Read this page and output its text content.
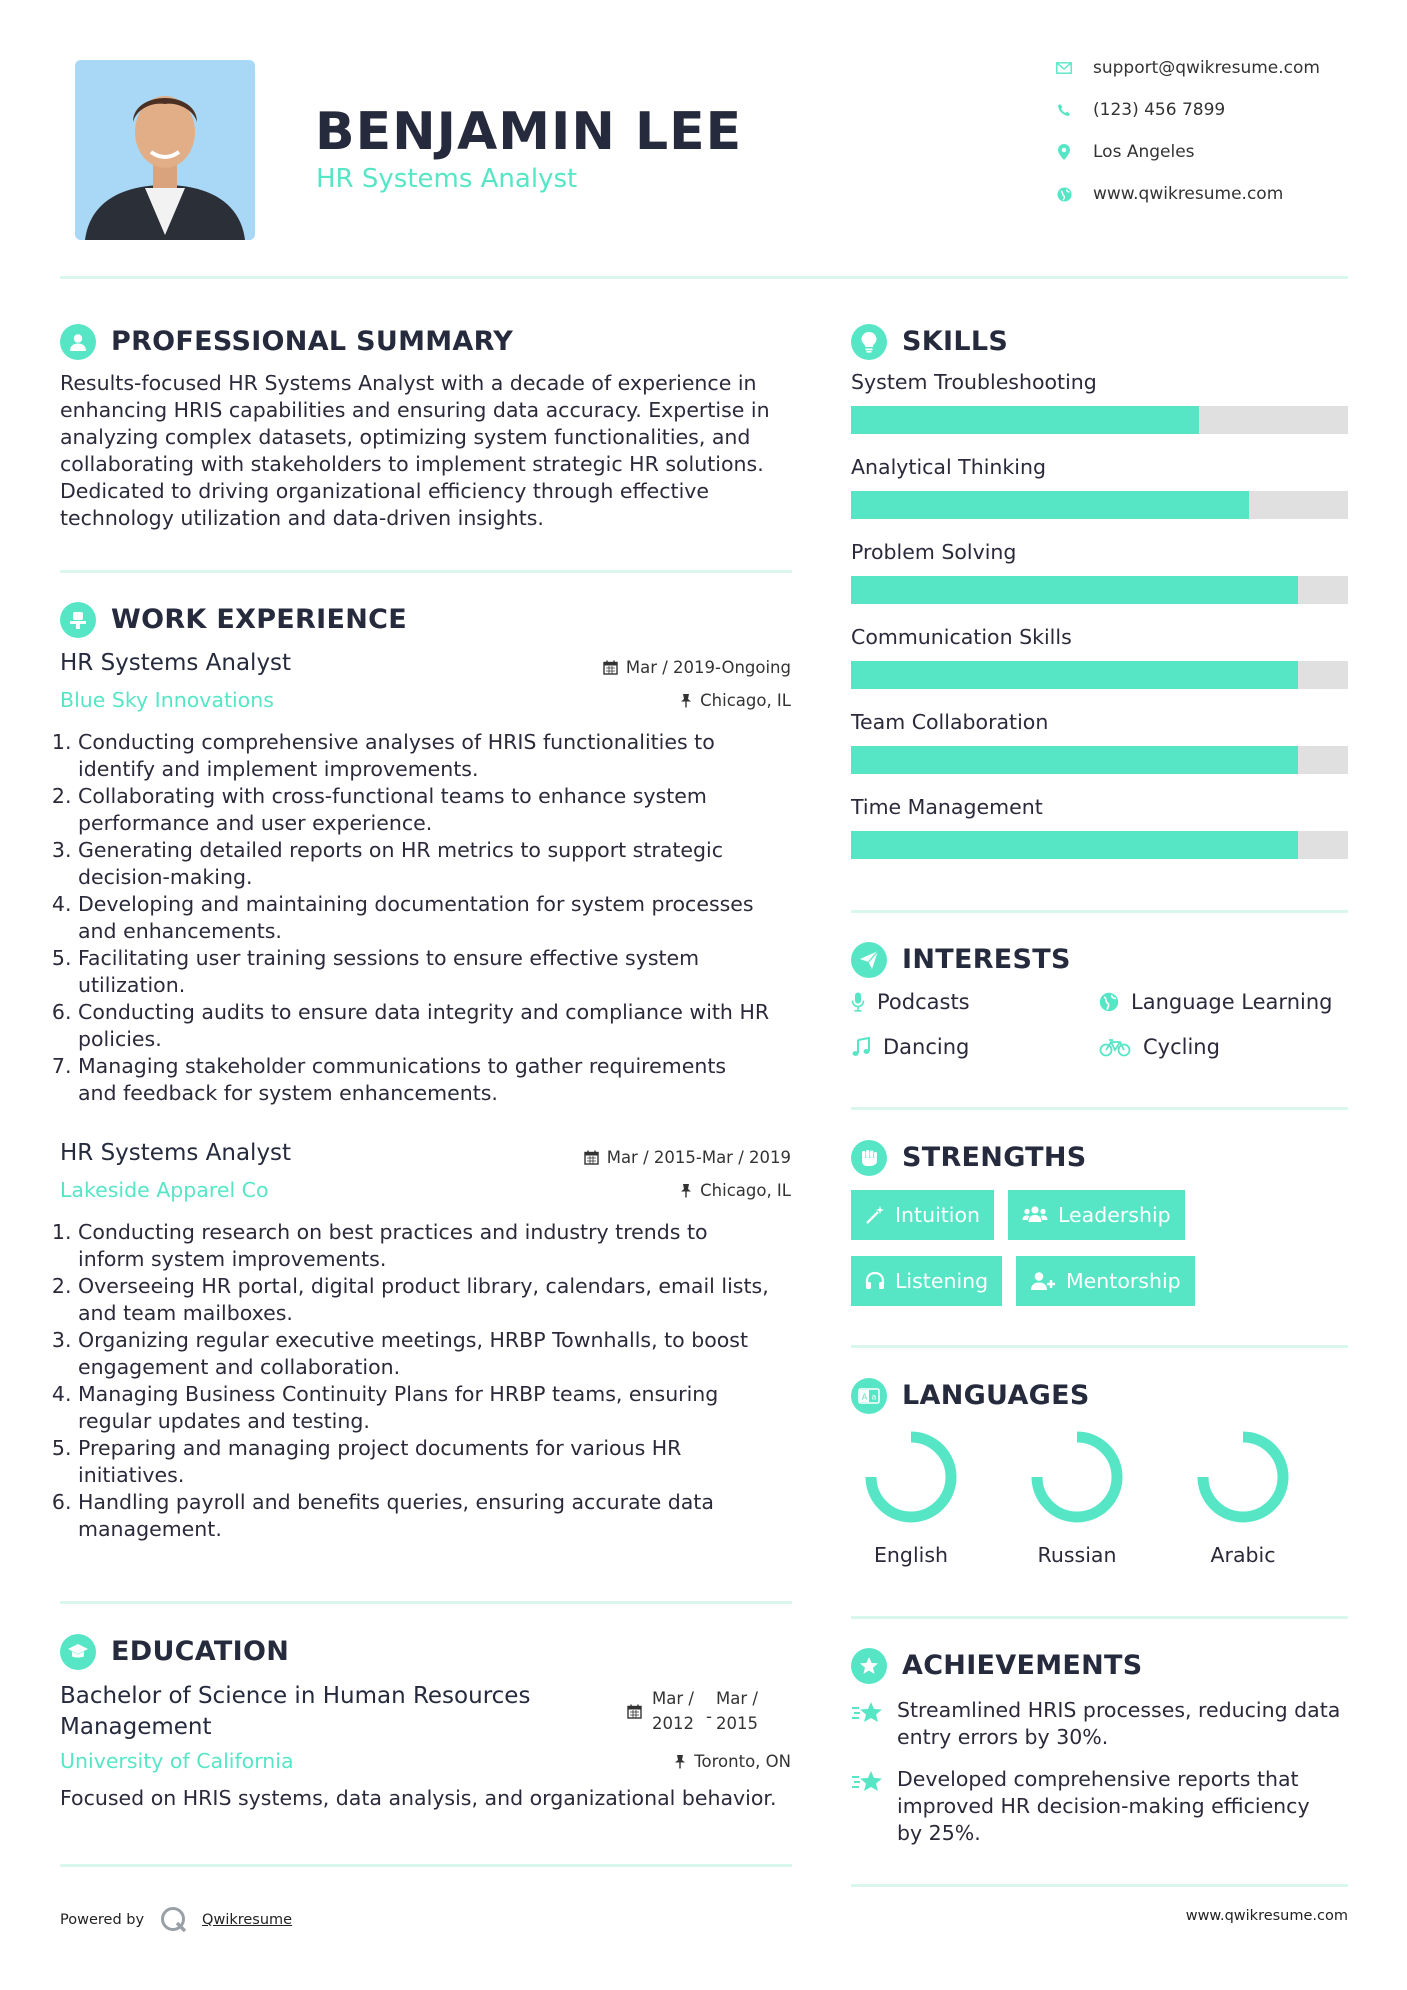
BENJAMIN LEE
HR Systems Analyst
support@qwikresume.com
(123) 456 7899
Los Angeles
www.qwikresume.com
PROFESSIONAL SUMMARY
Results-focused HR Systems Analyst with a decade of experience in
enhancing HRIS capabilities and ensuring data accuracy. Expertise in
analyzing complex datasets, optimizing system functionalities, and
collaborating with stakeholders to implement strategic HR solutions.
Dedicated to driving organizational efficiency through effective
technology utilization and data-driven insights.
WORK EXPERIENCE
HR Systems Analyst	Mar / 2019-Ongoing
Blue Sky Innovations	Chicago, IL
1. Conducting comprehensive analyses of HRIS functionalities to
identify and implement improvements.
2. Collaborating with cross-functional teams to enhance system
performance and user experience.
3. Generating detailed reports on HR metrics to support strategic
decision-making.
4. Developing and maintaining documentation for system processes
and enhancements.
5. Facilitating user training sessions to ensure effective system
utilization.
6. Conducting audits to ensure data integrity and compliance with HR
policies.
7. Managing stakeholder communications to gather requirements
and feedback for system enhancements.
HR Systems Analyst	Mar / 2015-Mar / 2019
Lakeside Apparel Co	Chicago, IL
1. Conducting research on best practices and industry trends to
inform system improvements.
2. Overseeing HR portal, digital product library, calendars, email lists,
and team mailboxes.
3. Organizing regular executive meetings, HRBP Townhalls, to boost
engagement and collaboration.
4. Managing Business Continuity Plans for HRBP teams, ensuring
regular updates and testing.
5. Preparing and managing project documents for various HR
initiatives.
6. Handling payroll and benefits queries, ensuring accurate data
management.
EDUCATION
Bachelor of Science in Human Resources
Management
Mar /
2012 -
Mar /
2015
University of California	Toronto, ON
Focused on HRIS systems, data analysis, and organizational behavior.
SKILLS
System Troubleshooting
Analytical Thinking
Problem Solving
Communication Skills
Team Collaboration
Time Management
INTERESTS
Podcasts	Language Learning
Dancing	Cycling
STRENGTHS
Intuition	Leadership
Listening	Mentorship
A a LANGUAGES
English	Russian	Arabic
ACHIEVEMENTS
Streamlined HRIS processes, reducing data
entry errors by 30%.
Developed comprehensive reports that
improved HR decision-making efficiency
by 25%.
Powered by	Qwikresume	www.qwikresume.com
